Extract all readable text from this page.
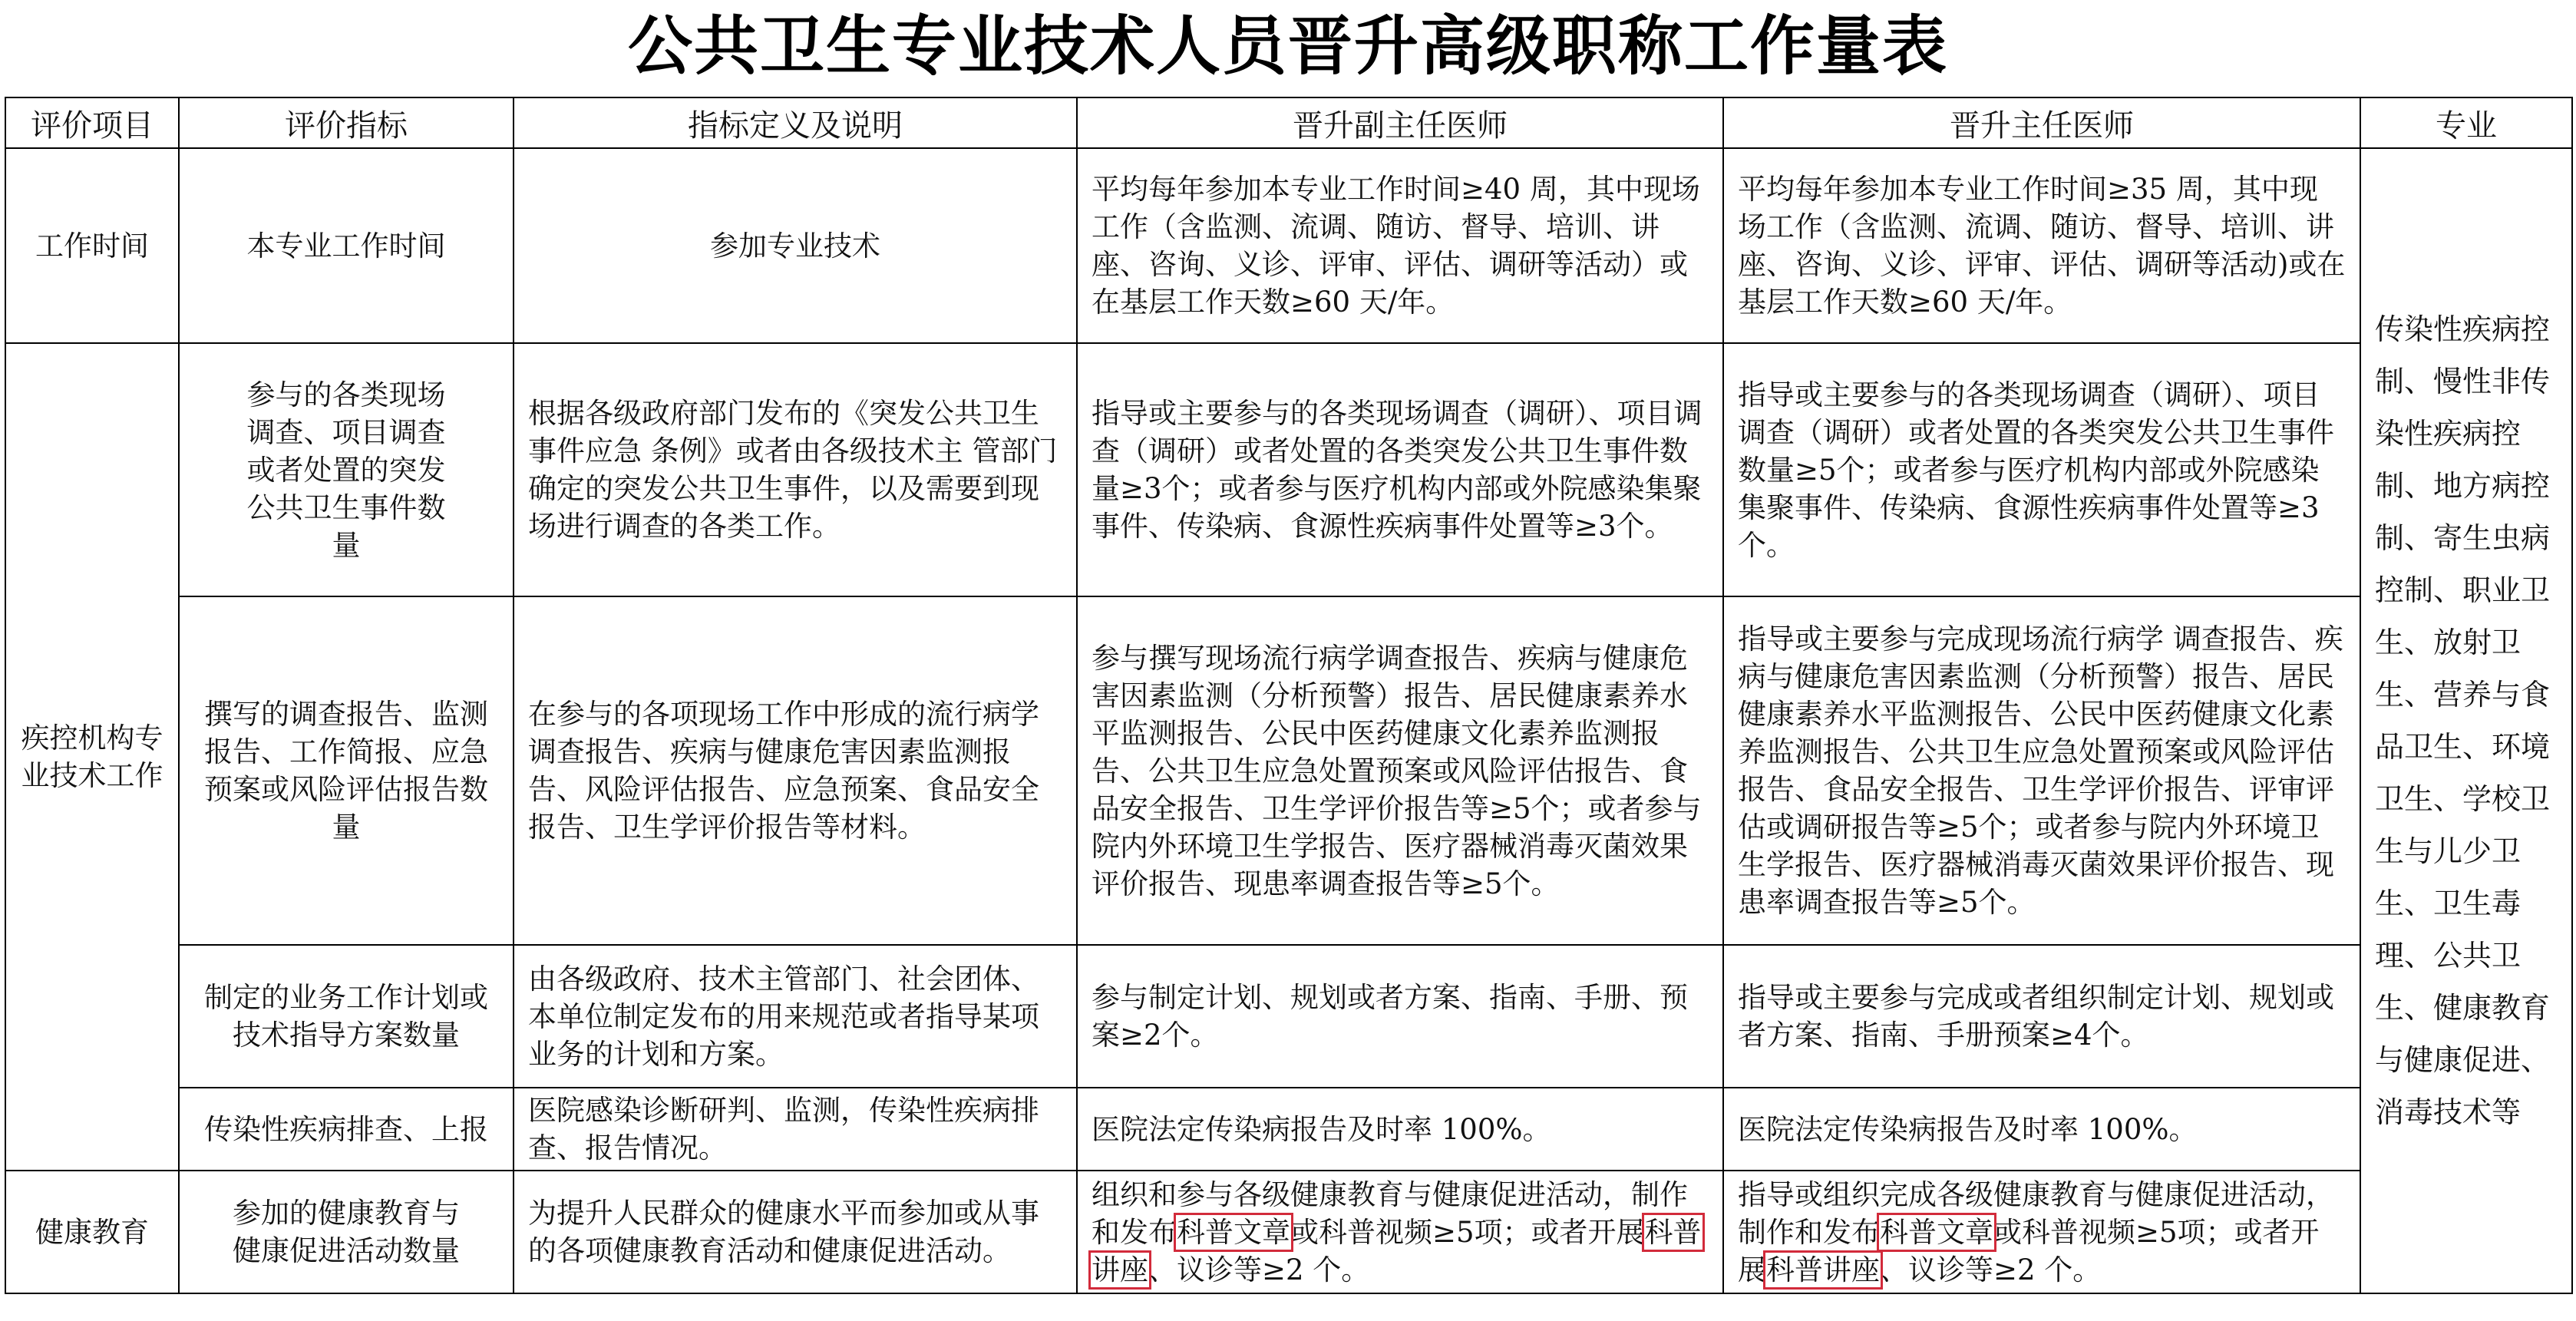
公共卫生专业技术人员晋升高级职称工作量表
评价项目	评价指标	指标定义及说明	晋升副主任医师	晋升主任医师	专业
工作时间	本专业工作时间	参加专业技术	平均每年参加本专业工作时间≥40 周，其中现场工作（含监测、流调、随访、督导、培训、讲座、咨询、义诊、评审、评估、调研等活动）或在基层工作天数≥60 天/年。	平均每年参加本专业工作时间≥35 周，其中现场工作（含监测、流调、随访、督导、培训、讲座、咨询、义诊、评审、评估、调研等活动)或在基层工作天数≥60 天/年。	传染性疾病控制、慢性非传染性疾病控制、地方病控制、寄生虫病控制、职业卫生、放射卫生、营养与食品卫生、环境卫生、学校卫生与儿少卫生、卫生毒理、公共卫生、健康教育与健康促进、消毒技术等
疾控机构专业技术工作	参与的各类现场调查、项目调查或者处置的突发公共卫生事件数量	根据各级政府部门发布的《突发公共卫生事件应急 条例》或者由各级技术主 管部门确定的突发公共卫生事件，以及需要到现场进行调查的各类工作。	指导或主要参与的各类现场调查（调研）、项目调查（调研）或者处置的各类突发公共卫生事件数量≥3个；或者参与医疗机构内部或外院感染集聚事件、传染病、食源性疾病事件处置等≥3个。	指导或主要参与的各类现场调查（调研）、项目调查（调研）或者处置的各类突发公共卫生事件数量≥5个；或者参与医疗机构内部或外院感染集聚事件、传染病、食源性疾病事件处置等≥3个。	
	撰写的调查报告、监测报告、工作简报、应急预案或风险评估报告数量	在参与的各项现场工作中形成的流行病学调查报告、疾病与健康危害因素监测报告、风险评估报告、应急预案、食品安全报告、卫生学评价报告等材料。	参与撰写现场流行病学调查报告、疾病与健康危害因素监测（分析预警）报告、居民健康素养水平监测报告、公民中医药健康文化素养监测报告、公共卫生应急处置预案或风险评估报告、食品安全报告、卫生学评价报告等≥5个；或者参与院内外环境卫生学报告、医疗器械消毒灭菌效果评价报告、现患率调查报告等≥5个。	指导或主要参与完成现场流行病学 调查报告、疾病与健康危害因素监测（分析预警）报告、居民健康素养水平监测报告、公民中医药健康文化素养监测报告、公共卫生应急处置预案或风险评估报告、食品安全报告、卫生学评价报告、评审评估或调研报告等≥5个；或者参与院内外环境卫生学报告、医疗器械消毒灭菌效果评价报告、现患率调查报告等≥5个。	
	制定的业务工作计划或技术指导方案数量	由各级政府、技术主管部门、社会团体、本单位制定发布的用来规范或者指导某项业务的计划和方案。	参与制定计划、规划或者方案、指南、手册、预案≥2个。	指导或主要参与完成或者组织制定计划、规划或者方案、指南、手册预案≥4个。	
	传染性疾病排查、上报	医院感染诊断研判、监测，传染性疾病排查、报告情况。	医院法定传染病报告及时率 100%。	医院法定传染病报告及时率 100%。	
健康教育	参加的健康教育与健康促进活动数量	为提升人民群众的健康水平而参加或从事的各项健康教育活动和健康促进活动。	组织和参与各级健康教育与健康促进活动，制作和发布科普文章或科普视频≥5项；或者开展科普讲座、议诊等≥2 个。	指导或组织完成各级健康教育与健康促进活动，制作和发布科普文章或科普视频≥5项；或者开展科普讲座、议诊等≥2 个。	
